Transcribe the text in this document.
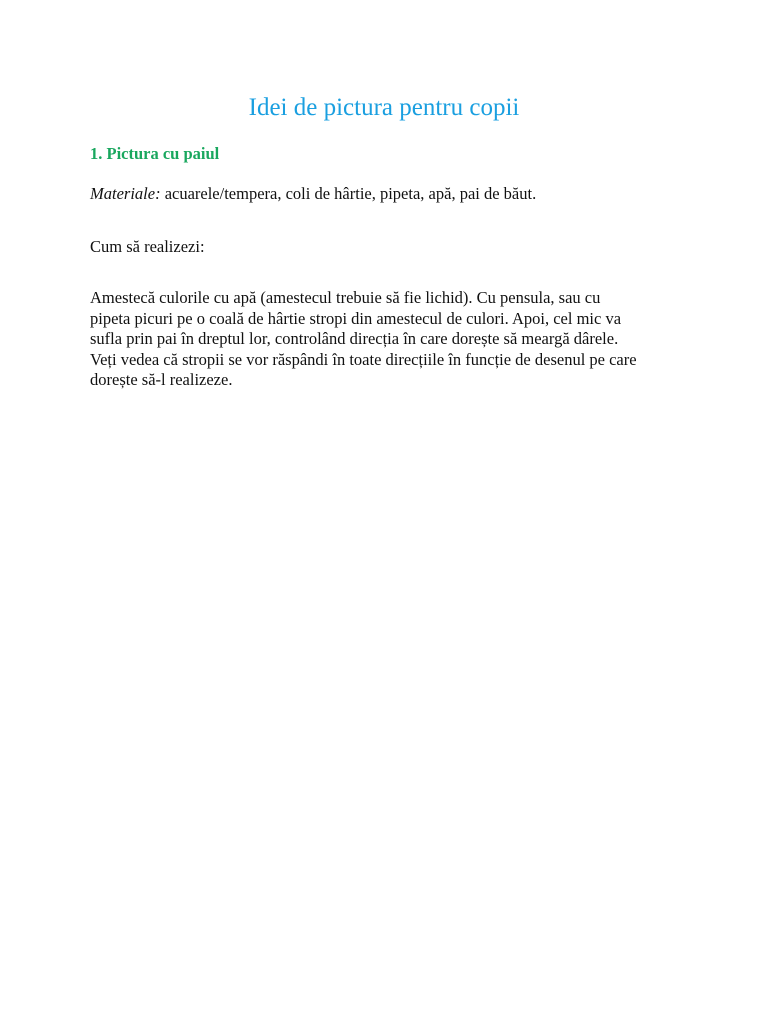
Idei de pictura pentru copii
1. Pictura cu paiul

Materiale: acuarele/tempera, coli de hârtie, pipeta, apă, pai de băut.

Cum să realizezi:

Amestecă culorile cu apă (amestecul trebuie să fie lichid). Cu pensula, sau cu
pipeta picuri pe o coală de hârtie stropi din amestecul de culori. Apoi, cel mic va
sufla prin pai în dreptul lor, controlând direcția în care dorește să meargă dârele.
Veți vedea că stropii se vor răspândi în toate direcțiile în funcție de desenul pe care
dorește să-l realizeze.
